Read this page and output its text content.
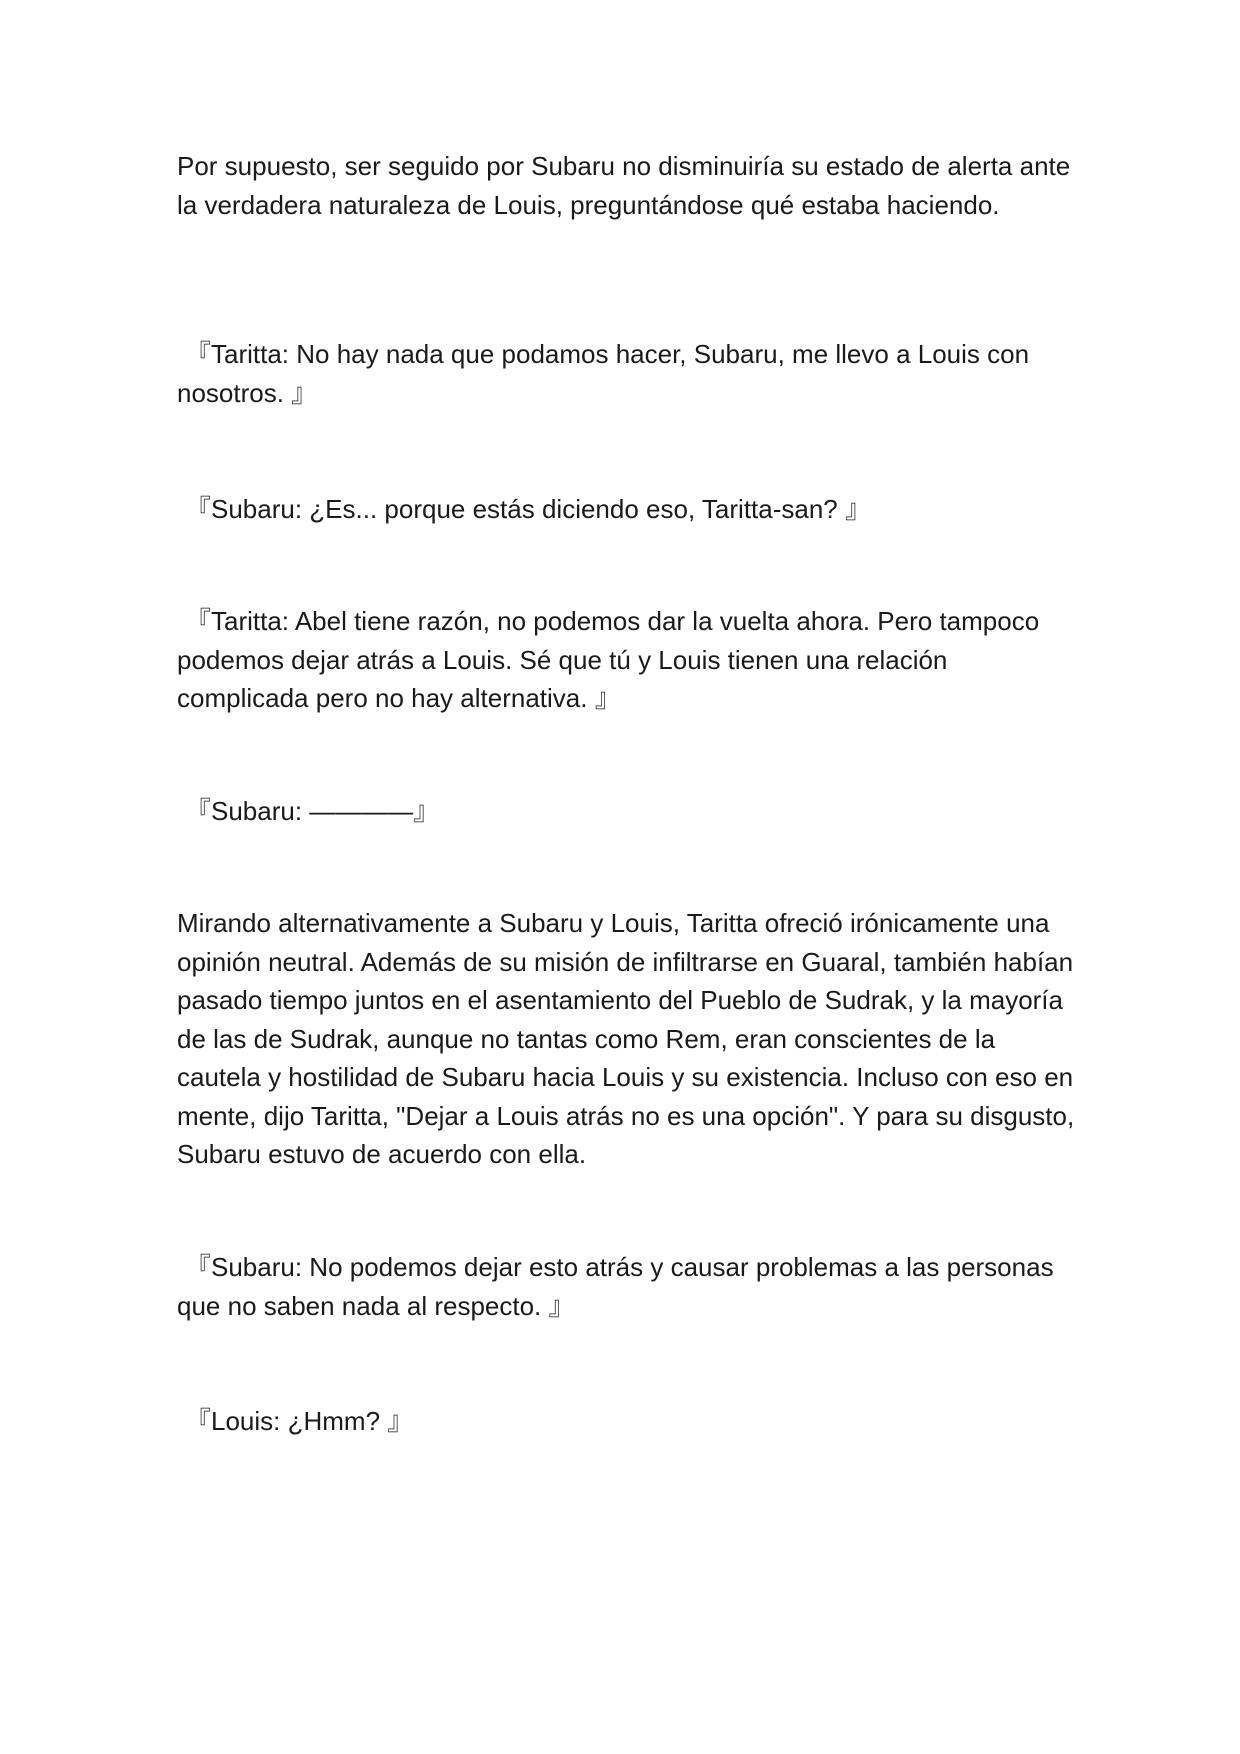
Por supuesto, ser seguido por Subaru no disminuiría su estado de alerta ante la verdadera naturaleza de Louis, preguntándose qué estaba haciendo.

『Taritta: No hay nada que podamos hacer, Subaru, me llevo a Louis con nosotros. 』

『Subaru: ¿Es... porque estás diciendo eso, Taritta-san? 』

『Taritta: Abel tiene razón, no podemos dar la vuelta ahora. Pero tampoco podemos dejar atrás a Louis. Sé que tú y Louis tienen una relación complicada pero no hay alternativa. 』

『Subaru: ————』

Mirando alternativamente a Subaru y Louis, Taritta ofreció irónicamente una opinión neutral. Además de su misión de infiltrarse en Guaral, también habían pasado tiempo juntos en el asentamiento del Pueblo de Sudrak, y la mayoría de las de Sudrak, aunque no tantas como Rem, eran conscientes de la cautela y hostilidad de Subaru hacia Louis y su existencia. Incluso con eso en mente, dijo Taritta, "Dejar a Louis atrás no es una opción". Y para su disgusto, Subaru estuvo de acuerdo con ella.

『Subaru: No podemos dejar esto atrás y causar problemas a las personas que no saben nada al respecto. 』

『Louis: ¿Hmm? 』
